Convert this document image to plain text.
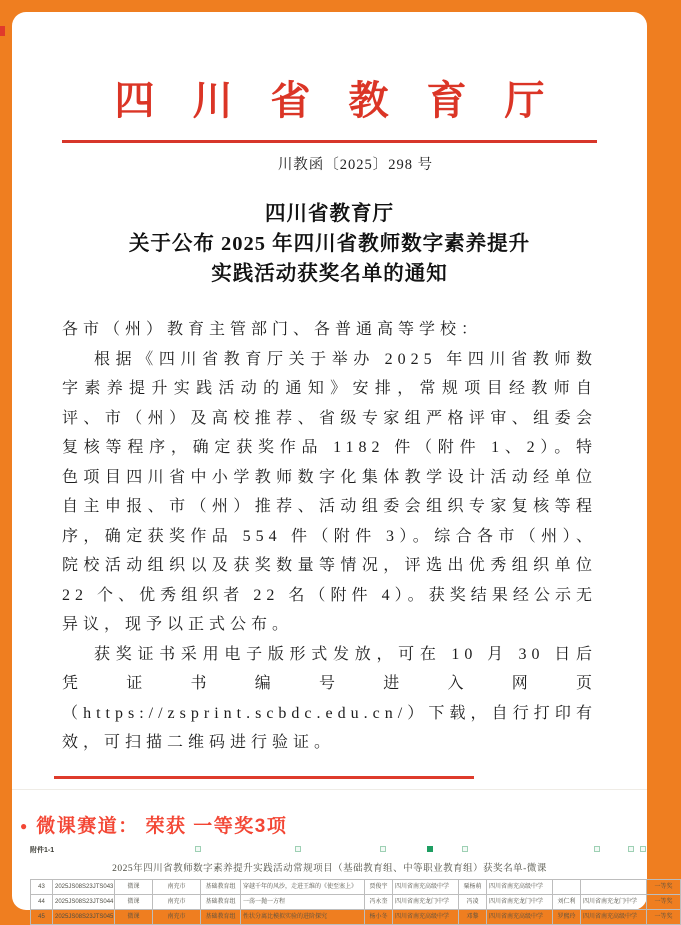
四 川 省 教 育 厅
川教函〔2025〕298 号
四川省教育厅
关于公布 2025 年四川省教师数字素养提升
实践活动获奖名单的通知

各市（州）教育主管部门、各普通高等学校：

根据《四川省教育厅关于举办 2025 年四川省教师数字素养提升实践活动的通知》安排，常规项目经教师自评、市（州）及高校推荐、省级专家组严格评审、组委会复核等程序，确定获奖作品 1182 件（附件 1、2）。特色项目四川省中小学教师数字化集体教学设计活动经单位自主申报、市（州）推荐、活动组委会组织专家复核等程序，确定获奖作品 554 件（附件 3）。综合各市（州）、院校活动组织以及获奖数量等情况，评选出优秀组织单位 22 个、优秀组织者 22 名（附件 4）。获奖结果经公示无异议，现予以正式公布。

获奖证书采用电子版形式发放，可在 10 月 30 日后凭证书编号进入网页（https://zsprint.scbdc.edu.cn/）下载，自行打印有效，可扫描二维码进行验证。

● 微课赛道： 荣获 一等奖3项
附件1-1
2025年四川省教师数字素养提升实践活动常规项目（基础教育组、中等职业教育组）获奖名单-微课
43	2025JS08S23JTS043	微课	南充市	基础教育组	穿越千年的风沙，走进王维的《使至塞上》	贾俊宇	四川省南充高级中学	粟杨萌	四川省南充高级中学			一等奖
44	2025JS08S23JTS044	微课	南充市	基础教育组	一荡一抛一方程	冯永奎	四川省南充龙门中学	冯凌	四川省南充龙门中学	刘仁利	四川省南充龙门中学	一等奖
45	2025JS08S23JTS045	微课	南充市	基础教育组	性状分离比模拟实验的进阶探究	杨小冬	四川省南充高级中学	邓黎	四川省南充高级中学	罗熙玲	四川省南充高级中学	一等奖
